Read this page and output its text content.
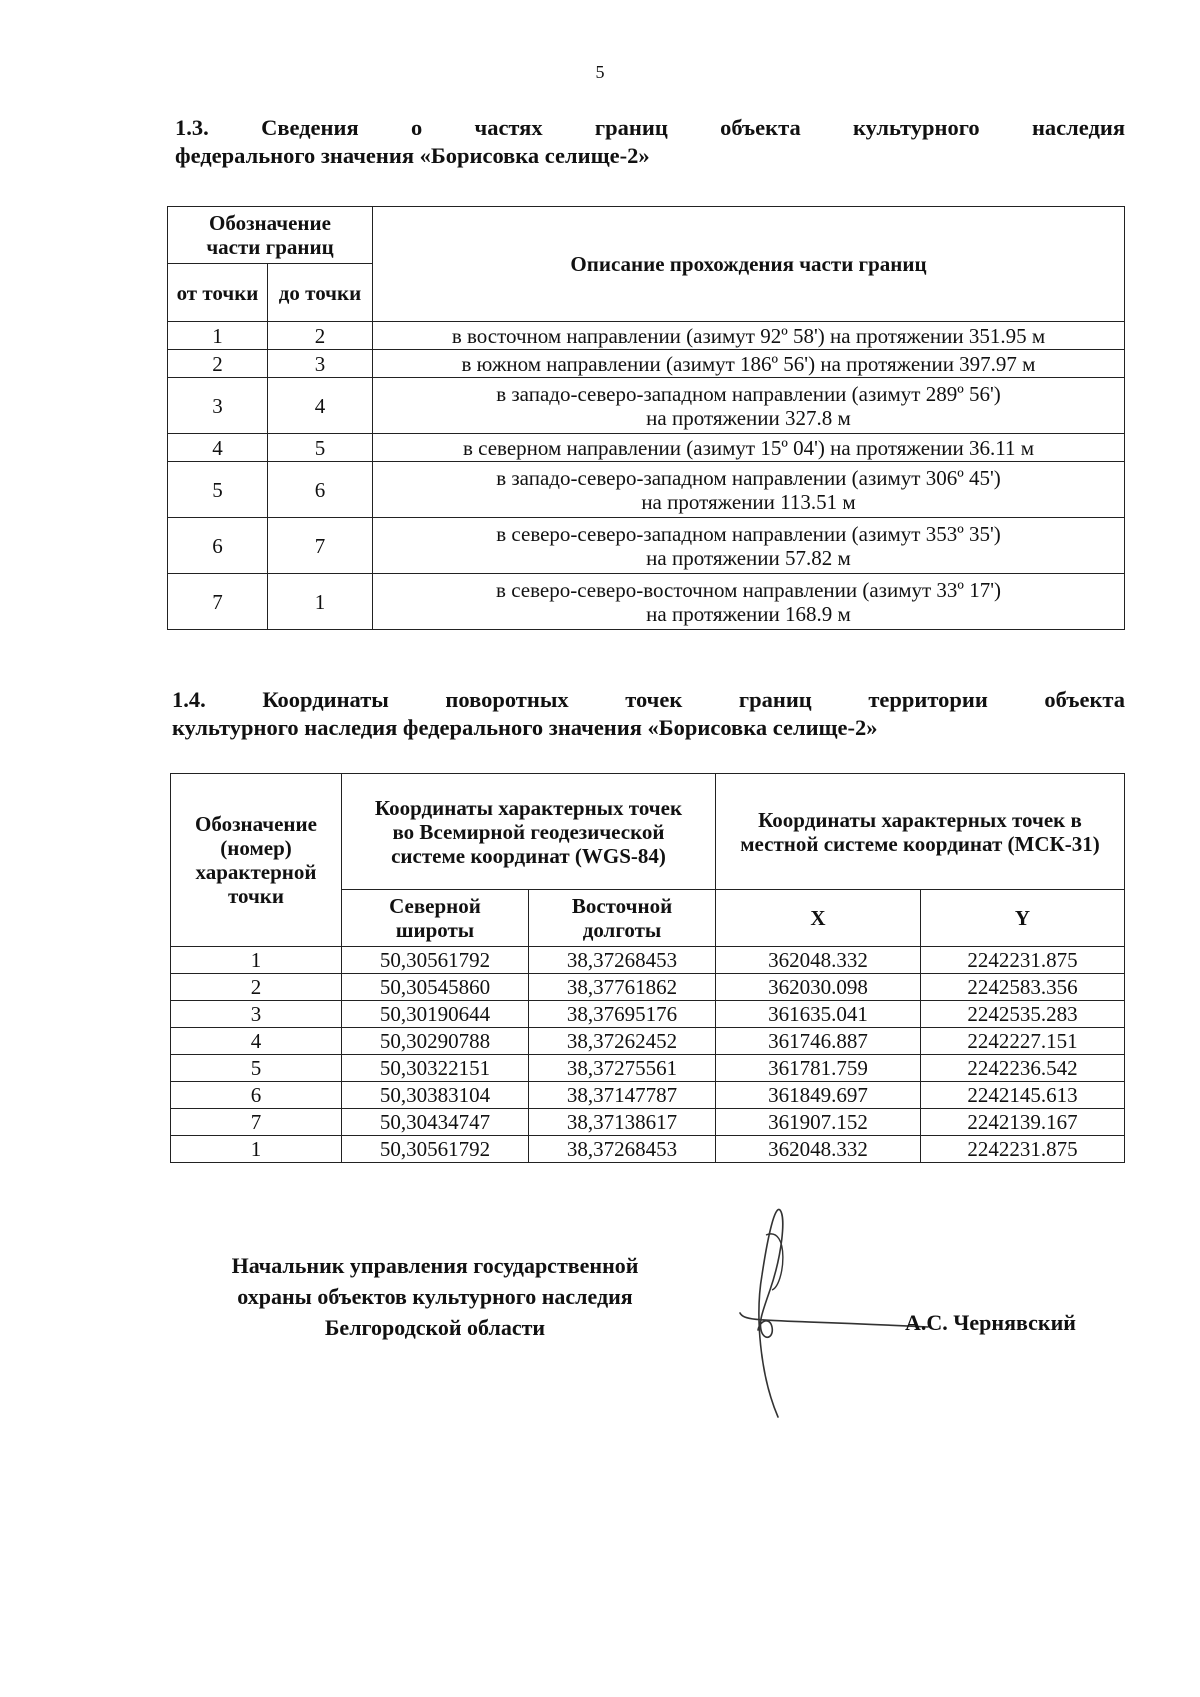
5
1.3. Сведения о частях границ объекта культурного наследия
федерального значения «Борисовка селище-2»
Обозначение части границ		Описание прохождения части границ
от точки	до точки	
1	2	в восточном направлении (азимут 92º 58') на протяжении 351.95 м

2	3	в южном направлении (азимут 186º 56') на протяжении 397.97 м

3	4	в западо-северо-западном направлении (азимут 289º 56')
на протяжении 327.8 м

4	5	в северном направлении (азимут 15º 04') на протяжении 36.11 м

5	6	в западо-северо-западном направлении (азимут 306º 45')
на протяжении 113.51 м

6	7	в северо-северо-западном направлении (азимут 353º 35')
на протяжении 57.82 м

7	1	в северо-северо-восточном направлении (азимут 33º 17')
на протяжении 168.9 м
1.4. Координаты поворотных точек границ территории объекта
культурного наследия федерального значения «Борисовка селище-2»
Обозначение (номер) характерной точки	Координаты характерных точек во Всемирной геодезической системе координат (WGS-84)		Координаты характерных точек в местной системе координат (МСК-31)	
	Северной широты	Восточной долготы	X	Y
1	50,30561792	38,37268453	362048.332	2242231.875
2	50,30545860	38,37761862	362030.098	2242583.356
3	50,30190644	38,37695176	361635.041	2242535.283
4	50,30290788	38,37262452	361746.887	2242227.151
5	50,30322151	38,37275561	361781.759	2242236.542
6	50,30383104	38,37147787	361849.697	2242145.613
7	50,30434747	38,37138617	361907.152	2242139.167
1	50,30561792	38,37268453	362048.332	2242231.875
Начальник управления государственной
охраны объектов культурного наследия
Белгородской области	А.С. Чернявский
